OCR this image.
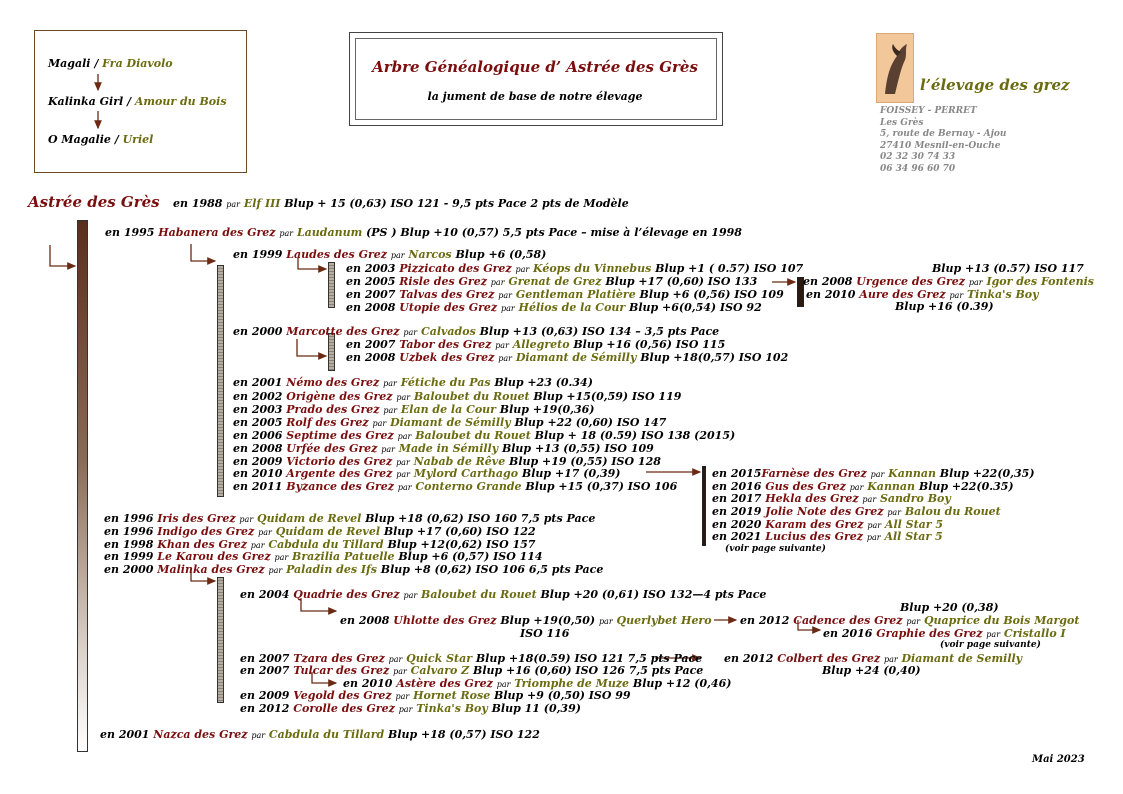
Magali / Fra Diavolo
Kalinka Girl / Amour du Bois
O Magalie / Uriel
Arbre Généalogique d’ Astrée des Grès
la jument de base de notre élevage
l’élevage des grez
FOISSEY - PERRET
Les Grès
5, route de Bernay - Ajou
27410 Mesnil-en-Ouche
02 32 30 74 33
06 34 96 60 70
Astrée des Grès en 1988 par Elf III Blup + 15 (0,63) ISO 121 - 9,5 pts Pace 2 pts de Modèle
en 1995 Habanera des Grez par Laudanum (PS ) Blup +10 (0,57) 5,5 pts Pace – mise à l’élevage en 1998
en 1999 Laudes des Grez par Narcos Blup +6 (0,58)
en 2003 Pizzicato des Grez par Kéops du Vinnebus Blup +1 ( 0.57) ISO 107
en 2005 Risle des Grez par Grenat de Grez Blup +17 (0,60) ISO 133
en 2007 Talvas des Grez par Gentleman Platière Blup +6 (0,56) ISO 109
en 2008 Utopie des Grez par Hélios de la Cour Blup +6(0,54) ISO 92
en 2000 Marcotte des Grez par Calvados Blup +13 (0,63) ISO 134 – 3,5 pts Pace
en 2007 Tabor des Grez par Allegreto Blup +16 (0,56) ISO 115
en 2008 Uzbek des Grez par Diamant de Sémilly Blup +18(0,57) ISO 102
en 2001 Némo des Grez par Fétiche du Pas Blup +23 (0.34)
en 2002 Origène des Grez par Baloubet du Rouet Blup +15(0,59) ISO 119
en 2003 Prado des Grez par Elan de la Cour Blup +19(0,36)
en 2005 Rolf des Grez par Diamant de Sémilly Blup +22 (0,60) ISO 147
en 2006 Septime des Grez par Baloubet du Rouet Blup + 18 (0.59) ISO 138 (2015)
en 2008 Urfée des Grez par Made in Sémilly Blup +13 (0,55) ISO 109
en 2009 Victorio des Grez par Nabab de Rêve Blup +19 (0,55) ISO 128
en 2010 Argente des Grez par Mylord Carthago Blup +17 (0,39)
en 2011 Byzance des Grez par Conterno Grande Blup +15 (0,37) ISO 106
en 1996 Iris des Grez par Quidam de Revel Blup +18 (0,62) ISO 160 7,5 pts Pace
en 1996 Indigo des Grez par Quidam de Revel Blup +17 (0,60) ISO 122
en 1998 Khan des Grez par Cabdula du Tillard Blup +12(0,62) ISO 157
en 1999 Le Karou des Grez par Brazilia Patuelle Blup +6 (0,57) ISO 114
en 2000 Malinka des Grez par Paladin des Ifs Blup +8 (0,62) ISO 106 6,5 pts Pace
en 2004 Quadrie des Grez par Baloubet du Rouet Blup +20 (0,61) ISO 132—4 pts Pace
en 2008 Uhlotte des Grez Blup +19(0,50) par Querlybet Hero
ISO 116
en 2007 Tzara des Grez par Quick Star Blup +18(0.59) ISO 121 7,5 pts Pace
en 2007 Tulcar des Grez par Calvaro Z Blup +16 (0,60) ISO 126 7,5 pts Pace
en 2010 Astère des Grez par Triomphe de Muze Blup +12 (0,46)
en 2009 Vegold des Grez par Hornet Rose Blup +9 (0,50) ISO 99
en 2012 Corolle des Grez par Tinka's Boy Blup 11 (0,39)
en 2001 Nazca des Grez par Cabdula du Tillard Blup +18 (0,57) ISO 122
Blup +13 (0.57) ISO 117
en 2008 Urgence des Grez par Igor des Fontenis
en 2010 Aure des Grez par Tinka's Boy
Blup +16 (0.39)
en 2015Farnèse des Grez par Kannan Blup +22(0,35)
en 2016 Gus des Grez par Kannan Blup +22(0.35)
en 2017 Hekla des Grez par Sandro Boy
en 2019 Jolie Note des Grez par Balou du Rouet
en 2020 Karam des Grez par All Star 5
en 2021 Lucius des Grez par All Star 5
(voir page suivante)
Blup +20 (0,38)
en 2012 Cadence des Grez par Quaprice du Bois Margot
en 2016 Graphie des Grez par Cristallo I
(voir page suivante)
en 2012 Colbert des Grez par Diamant de Semilly
Blup +24 (0,40)
Mai 2023
